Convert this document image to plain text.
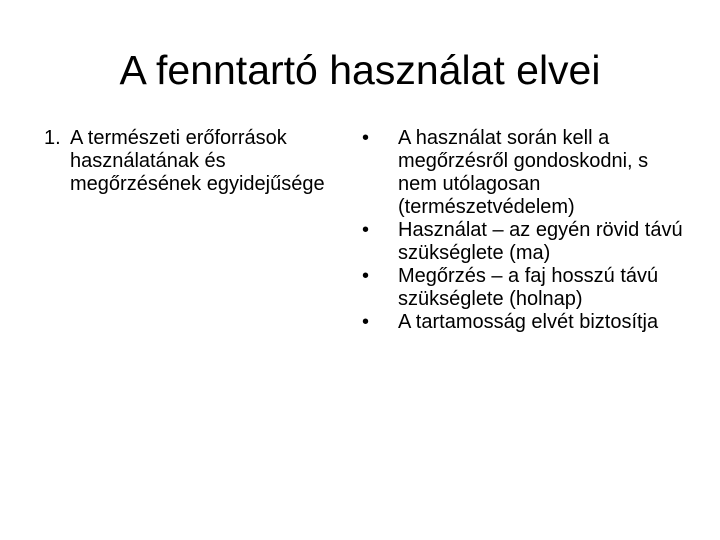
A fenntartó használat elvei
1. A természeti erőforrások használatának és megőrzésének egyidejűsége
•	A használat során kell a megőrzésről gondoskodni, s nem utólagosan (természetvédelem)
•	Használat – az egyén rövid távú szükséglete (ma)
•	Megőrzés – a faj hosszú távú szükséglete (holnap)
•	A tartamosság elvét biztosítja
